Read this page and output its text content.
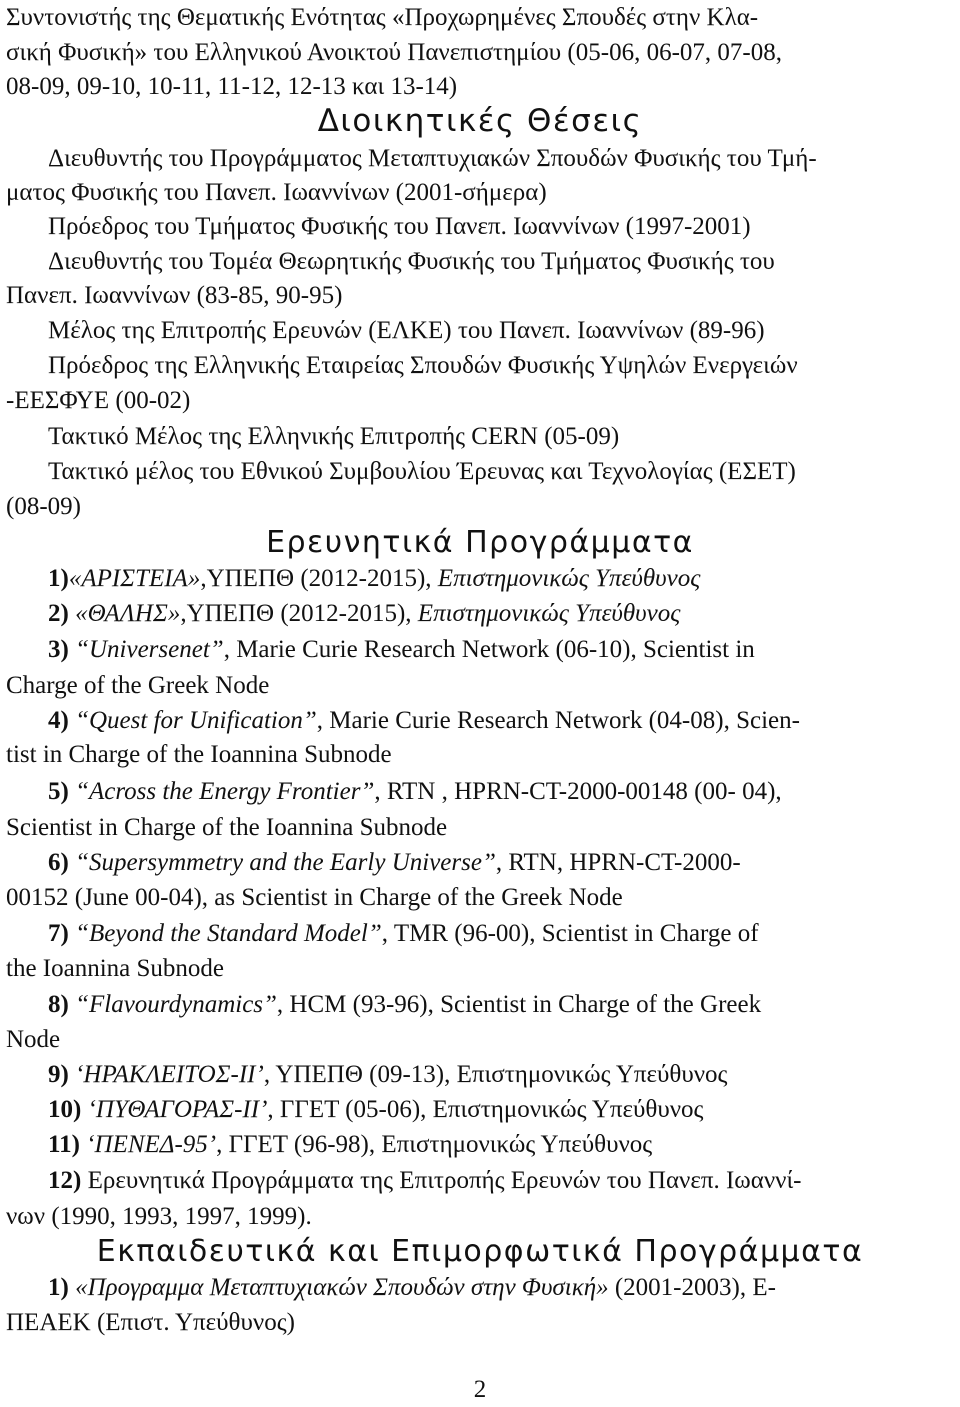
Συντονιστής της Θεματικής Ενότητας «Προχωρημένες Σπουδές στην Κλα-
σική Φυσική» του Ελληνικού Ανοικτού Πανεπιστημίου (05-06, 06-07, 07-08,
08-09, 09-10, 10-11, 11-12, 12-13 και 13-14)
Διοικητικές Θέσεις
Διευθυντής του Προγράμματος Μεταπτυχιακών Σπουδών Φυσικής του Τμή-
ματος Φυσικής του Πανεπ. Ιωαννίνων (2001-σήμερα)
Πρόεδρος του Τμήματος Φυσικής του Πανεπ. Ιωαννίνων (1997-2001)
Διευθυντής του Τομέα Θεωρητικής Φυσικής του Τμήματος Φυσικής του
Πανεπ. Ιωαννίνων (83-85, 90-95)
Μέλος της Επιτροπής Ερευνών (ΕΛΚΕ) του Πανεπ. Ιωαννίνων (89-96)
Πρόεδρος της Ελληνικής Εταιρείας Σπουδών Φυσικής Υψηλών Ενεργειών
-ΕΕΣΦΥΕ (00-02)
Τακτικό Μέλος της Ελληνικής Επιτροπής CERN (05-09)
Τακτικό μέλος του Εθνικού Συμβουλίου Έρευνας και Τεχνολογίας (ΕΣΕΤ)
(08-09)
Ερευνητικά Προγράμματα
1)«ΑΡΙΣΤΕΙΑ»,ΥΠΕΠΘ (2012-2015), Επιστημονικώς Υπεύθυνος
2) «ΘΑΛΗΣ»,ΥΠΕΠΘ (2012-2015), Επιστημονικώς Υπεύθυνος
3) “Universenet”, Marie Curie Research Network (06-10), Scientist in
Charge of the Greek Node
4) “Quest for Unification”, Marie Curie Research Network (04-08), Scien-
tist in Charge of the Ioannina Subnode
5) “Across the Energy Frontier”, RTN , HPRN-CT-2000-00148 (00- 04),
Scientist in Charge of the Ioannina Subnode
6) “Supersymmetry and the Early Universe”, RTN, HPRN-CT-2000-
00152 (June 00-04), as Scientist in Charge of the Greek Node
7) “Beyond the Standard Model”, TMR (96-00), Scientist in Charge of
the Ioannina Subnode
8) “Flavourdynamics”, HCM (93-96), Scientist in Charge of the Greek
Node
9) ‘ΗΡΑΚΛΕΙΤΟΣ-ΙΙ’, ΥΠΕΠΘ (09-13), Επιστημονικώς Υπεύθυνος
10) ‘ΠΥΘΑΓΟΡΑΣ-ΙΙ’, ΓΓΕΤ (05-06), Επιστημονικώς Υπεύθυνος
11) ‘ΠΕΝΕΔ-95’, ΓΓΕΤ (96-98), Επιστημονικώς Υπεύθυνος
12) Ερευνητικά Προγράμματα της Επιτροπής Ερευνών του Πανεπ. Ιωαννί-
νων (1990, 1993, 1997, 1999).
Εκπαιδευτικά και Επιμορφωτικά Προγράμματα
1) «Προγραμμα Μεταπτυχιακών Σπουδών στην Φυσική» (2001-2003), Ε-
ΠΕΑΕΚ (Επιστ. Υπεύθυνος)
2
